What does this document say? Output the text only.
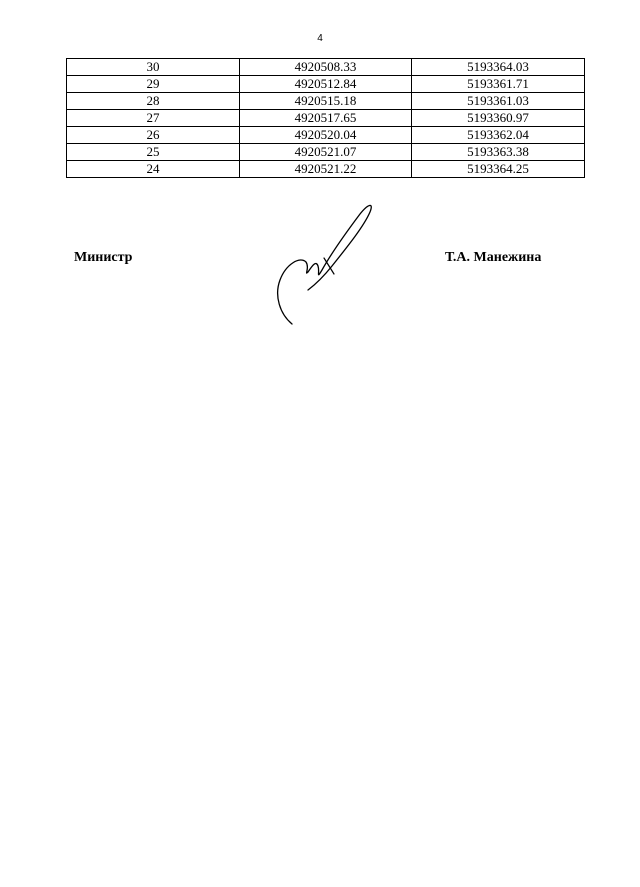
4
30	4920508.33	5193364.03
29	4920512.84	5193361.71
28	4920515.18	5193361.03
27	4920517.65	5193360.97
26	4920520.04	5193362.04
25	4920521.07	5193363.38
24	4920521.22	5193364.25
Министр	Т.А. Манежина
